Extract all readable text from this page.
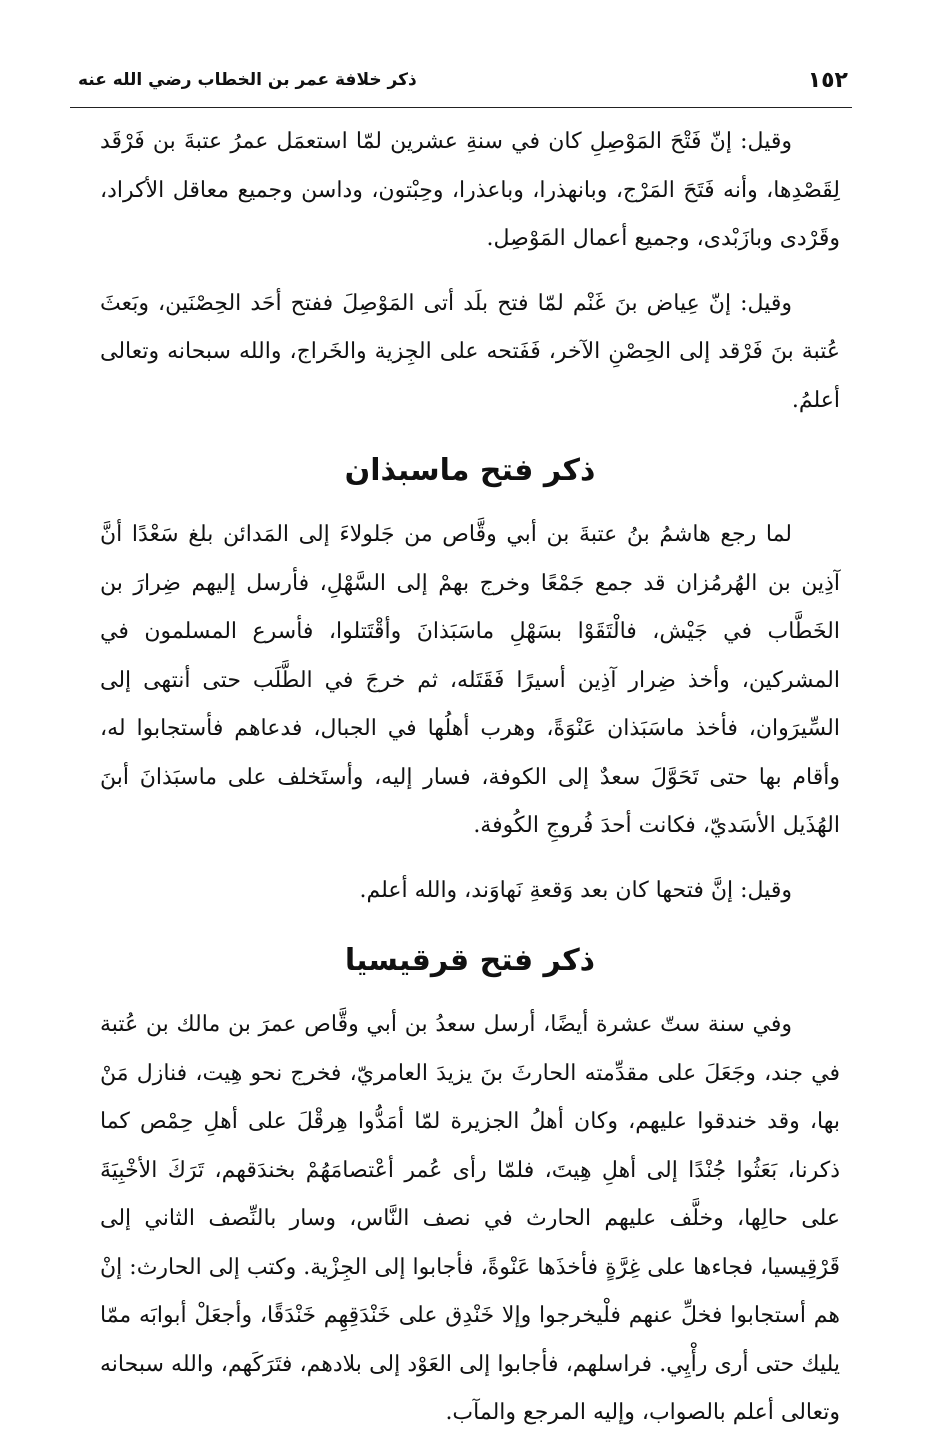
١٥٢
ذكر خلافة عمر بن الخطاب رضي الله عنه

وقيل: إنّ فَتْحَ المَوْصِلِ كان في سنةِ عشرين لمّا استعمَل عمرُ عتبةَ بن فَرْقَد لِقَصْدِها، وأنه فَتَحَ المَرْج، وبانهذرا، وباعذرا، وحِبْتون، وداسن وجميع معاقل الأكراد، وقَرْدى وبازَبْدى، وجميع أعمال المَوْصِل.

وقيل: إنّ عِياض بنَ غَنْم لمّا فتح بلَد أتى المَوْصِلَ ففتح أحَد الحِصْنَين، وبَعثَ عُتبة بنَ فَرْقد إلى الحِصْنِ الآخر، فَفَتحه على الجِزية والخَراج، والله سبحانه وتعالى أعلمُ.

ذكر فتح ماسبذان

لما رجع هاشمُ بنُ عتبةَ بن أبي وقَّاص من جَلولاءَ إلى المَدائن بلغ سَعْدًا أنَّ آذِين بن الهُرمُزان قد جمع جَمْعًا وخرج بهمْ إلى السَّهْلِ، فأرسل إليهم ضِرارَ بن الخَطَّاب في جَيْش، فالْتَقَوْا بسَهْلِ ماسَبَذانَ وأقْتَتلوا، فأسرع المسلمون في المشركين، وأخذ ضِرار آذِين أسيرًا فَقَتَله، ثم خرجَ في الطَّلَب حتى أنتهى إلى السِّيرَوان، فأخذ ماسَبَذان عَنْوَةً، وهرب أهلُها في الجبال، فدعاهم فأستجابوا له، وأقام بها حتى تَحَوَّلَ سعدٌ إلى الكوفة، فسار إليه، وأستَخلف على ماسبَذانَ أبنَ الهُذَيل الأسَديّ، فكانت أحدَ فُروجِ الكُوفة.

وقيل: إنَّ فتحها كان بعد وَقعةِ نَهاوَند، والله أعلم.

ذكر فتح قرقيسيا

وفي سنة ستّ عشرة أيضًا، أرسل سعدُ بن أبي وقَّاص عمرَ بن مالك بن عُتبة في جند، وجَعَلَ على مقدِّمته الحارثَ بنَ يزيدَ العامريّ، فخرج نحو هِيت، فنازل مَنْ بها، وقد خندقوا عليهم، وكان أهلُ الجزيرة لمّا أمَدُّوا هِرقْلَ على أهلِ حِمْص كما ذكرنا، بَعَثُوا جُنْدًا إلى أهلِ هِيتَ، فلمّا رأى عُمر أعْتصامَهُمْ بخندَقهم، تَرَكَ الأخْبِيَةَ على حالِها، وخلَّف عليهم الحارث في نصف النَّاس، وسار بالنِّصف الثاني إلى قَرْقِيسيا، فجاءها على غِرَّةٍ فأخذَها عَنْوةً، فأجابوا إلى الجِزْية. وكتب إلى الحارث: إنْ هم أستجابوا فخلِّ عنهم فلْيخرجوا وإلا خَنْدِق على خَنْدَقِهِم خَنْدَقًا، وأجعَلْ أبوابَه ممّا يليك حتى أرى رأْيِي. فراسلهم، فأجابوا إلى العَوْد إلى بلادهم، فتَرَكَهم، والله سبحانه وتعالى أعلم بالصواب، وإليه المرجع والمآب.
